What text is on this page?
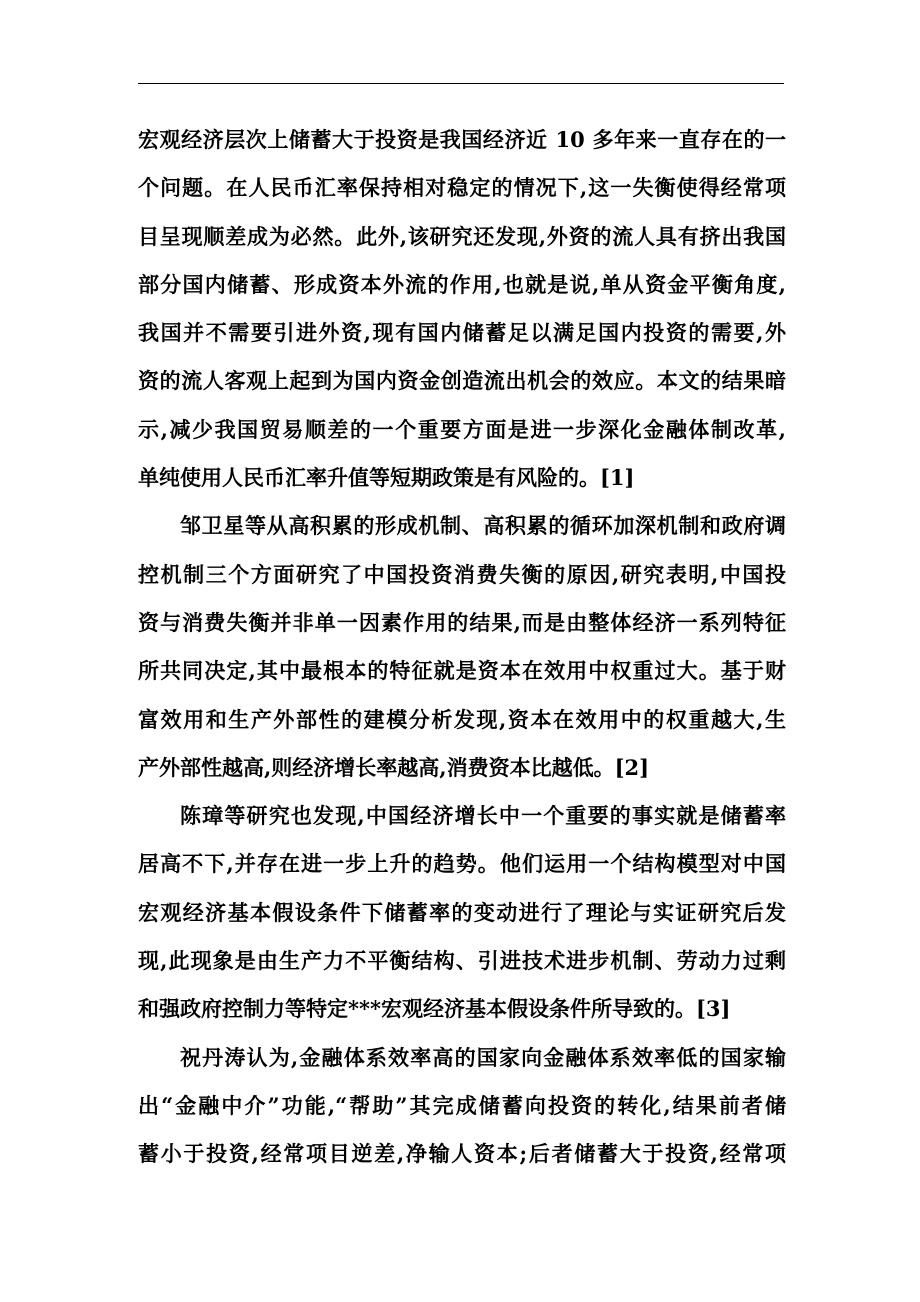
宏观经济层次上储蓄大于投资是我国经济近 10 多年来一直存在的一
个问题。在人民币汇率保持相对稳定的情况下,这一失衡使得经常项
目呈现顺差成为必然。此外,该研究还发现,外资的流人具有挤出我国
部分国内储蓄、形成资本外流的作用,也就是说,单从资金平衡角度,
我国并不需要引进外资,现有国内储蓄足以满足国内投资的需要,外
资的流人客观上起到为国内资金创造流出机会的效应。本文的结果暗
示,减少我国贸易顺差的一个重要方面是进一步深化金融体制改革,
单纯使用人民币汇率升值等短期政策是有风险的。[1]
邹卫星等从高积累的形成机制、高积累的循环加深机制和政府调
控机制三个方面研究了中国投资消费失衡的原因,研究表明,中国投
资与消费失衡并非单一因素作用的结果,而是由整体经济一系列特征
所共同决定,其中最根本的特征就是资本在效用中权重过大。基于财
富效用和生产外部性的建模分析发现,资本在效用中的权重越大,生
产外部性越高,则经济增长率越高,消费资本比越低。[2]
陈璋等研究也发现,中国经济增长中一个重要的事实就是储蓄率
居高不下,并存在进一步上升的趋势。他们运用一个结构模型对中国
宏观经济基本假设条件下储蓄率的变动进行了理论与实证研究后发
现,此现象是由生产力不平衡结构、引进技术进步机制、劳动力过剩
和强政府控制力等特定***宏观经济基本假设条件所导致的。[3]
祝丹涛认为,金融体系效率高的国家向金融体系效率低的国家输
出“金融中介”功能,“帮助”其完成储蓄向投资的转化,结果前者储
蓄小于投资,经常项目逆差,净输人资本;后者储蓄大于投资,经常项
